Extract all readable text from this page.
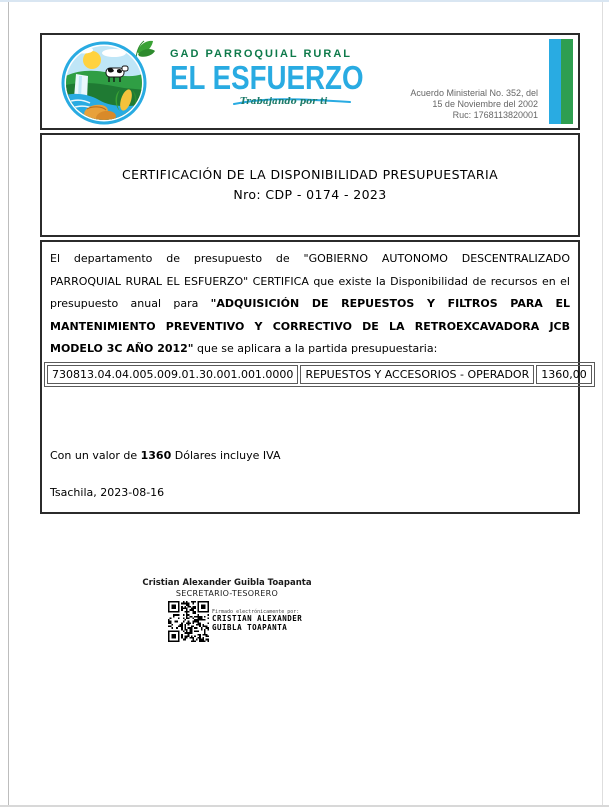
GAD PARROQUIAL RURAL
EL ESFUERZO
Trabajando por ti
Acuerdo Ministerial No. 352, del
15 de Noviembre del 2002
Ruc: 1768113820001
CERTIFICACIÓN DE LA DISPONIBILIDAD PRESUPUESTARIA
Nro: CDP - 0174 - 2023
El departamento de presupuesto de "GOBIERNO AUTONOMO DESCENTRALIZADO PARROQUIAL RURAL EL ESFUERZO" CERTIFICA que existe la Disponibilidad de recursos en el presupuesto anual para "ADQUISICIÓN DE REPUESTOS Y FILTROS PARA EL MANTENIMIENTO PREVENTIVO Y CORRECTIVO DE LA RETROEXCAVADORA JCB MODELO 3C AÑO 2012" que se aplicara a la partida presupuestaria:
730813.04.04.005.009.01.30.001.001.0000	REPUESTOS Y ACCESORIOS - OPERADOR	1360,00
Con un valor de 1360 Dólares incluye IVA
Tsachila, 2023-08-16
Cristian Alexander Guibla Toapanta
SECRETARIO-TESORERO
Firmado electrónicamente por:
CRISTIAN ALEXANDER
GUIBLA TOAPANTA
